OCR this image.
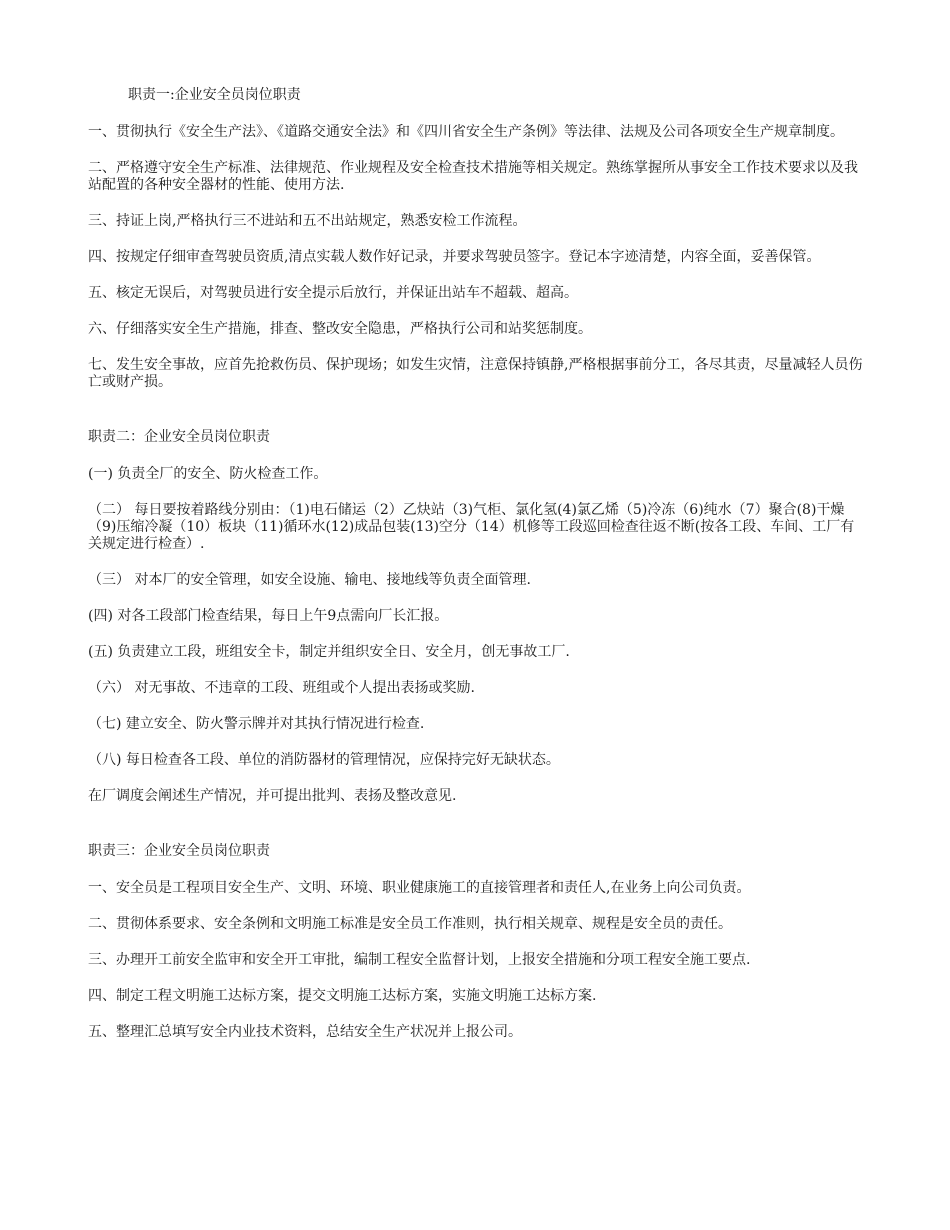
职责一:企业安全员岗位职责

一、贯彻执行《安全生产法》、《道路交通安全法》和《四川省安全生产条例》等法律、法规及公司各项安全生产规章制度。

二、严格遵守安全生产标准、法律规范、作业规程及安全检查技术措施等相关规定。熟练掌握所从事安全工作技术要求以及我站配置的各种安全器材的性能、使用方法.

三、持证上岗,严格执行三不进站和五不出站规定，熟悉安检工作流程。

四、按规定仔细审查驾驶员资质,清点实载人数作好记录，并要求驾驶员签字。登记本字迹清楚，内容全面，妥善保管。

五、核定无误后，对驾驶员进行安全提示后放行，并保证出站车不超载、超高。

六、仔细落实安全生产措施，排查、整改安全隐患，严格执行公司和站奖惩制度。

七、发生安全事故，应首先抢救伤员、保护现场；如发生灾情，注意保持镇静,严格根据事前分工，各尽其责，尽量减轻人员伤亡或财产损。

职责二：企业安全员岗位职责

(一) 负责全厂的安全、防火检查工作。

（二） 每日要按着路线分别由：（1)电石储运（2）乙炔站（3)气柜、氯化氢(4)氯乙烯（5)冷冻（6)纯水（7）聚合(8)干燥（9)压缩冷凝（10）板块（11)循环水(12)成品包装(13)空分（14）机修等工段巡回检查往返不断(按各工段、车间、工厂有关规定进行检查）.

（三） 对本厂的安全管理，如安全设施、输电、接地线等负责全面管理.

(四) 对各工段部门检查结果，每日上午9点需向厂长汇报。

(五) 负责建立工段，班组安全卡，制定并组织安全日、安全月，创无事故工厂.

（六） 对无事故、不违章的工段、班组或个人提出表扬或奖励.

（七) 建立安全、防火警示牌并对其执行情况进行检查.

（八) 每日检查各工段、单位的消防器材的管理情况，应保持完好无缺状态。

在厂调度会阐述生产情况，并可提出批判、表扬及整改意见.

职责三：企业安全员岗位职责

一、安全员是工程项目安全生产、文明、环境、职业健康施工的直接管理者和责任人,在业务上向公司负责。

二、贯彻体系要求、安全条例和文明施工标准是安全员工作准则，执行相关规章、规程是安全员的责任。

三、办理开工前安全监审和安全开工审批，编制工程安全监督计划，上报安全措施和分项工程安全施工要点.

四、制定工程文明施工达标方案，提交文明施工达标方案，实施文明施工达标方案.

五、整理汇总填写安全内业技术资料，总结安全生产状况并上报公司。
